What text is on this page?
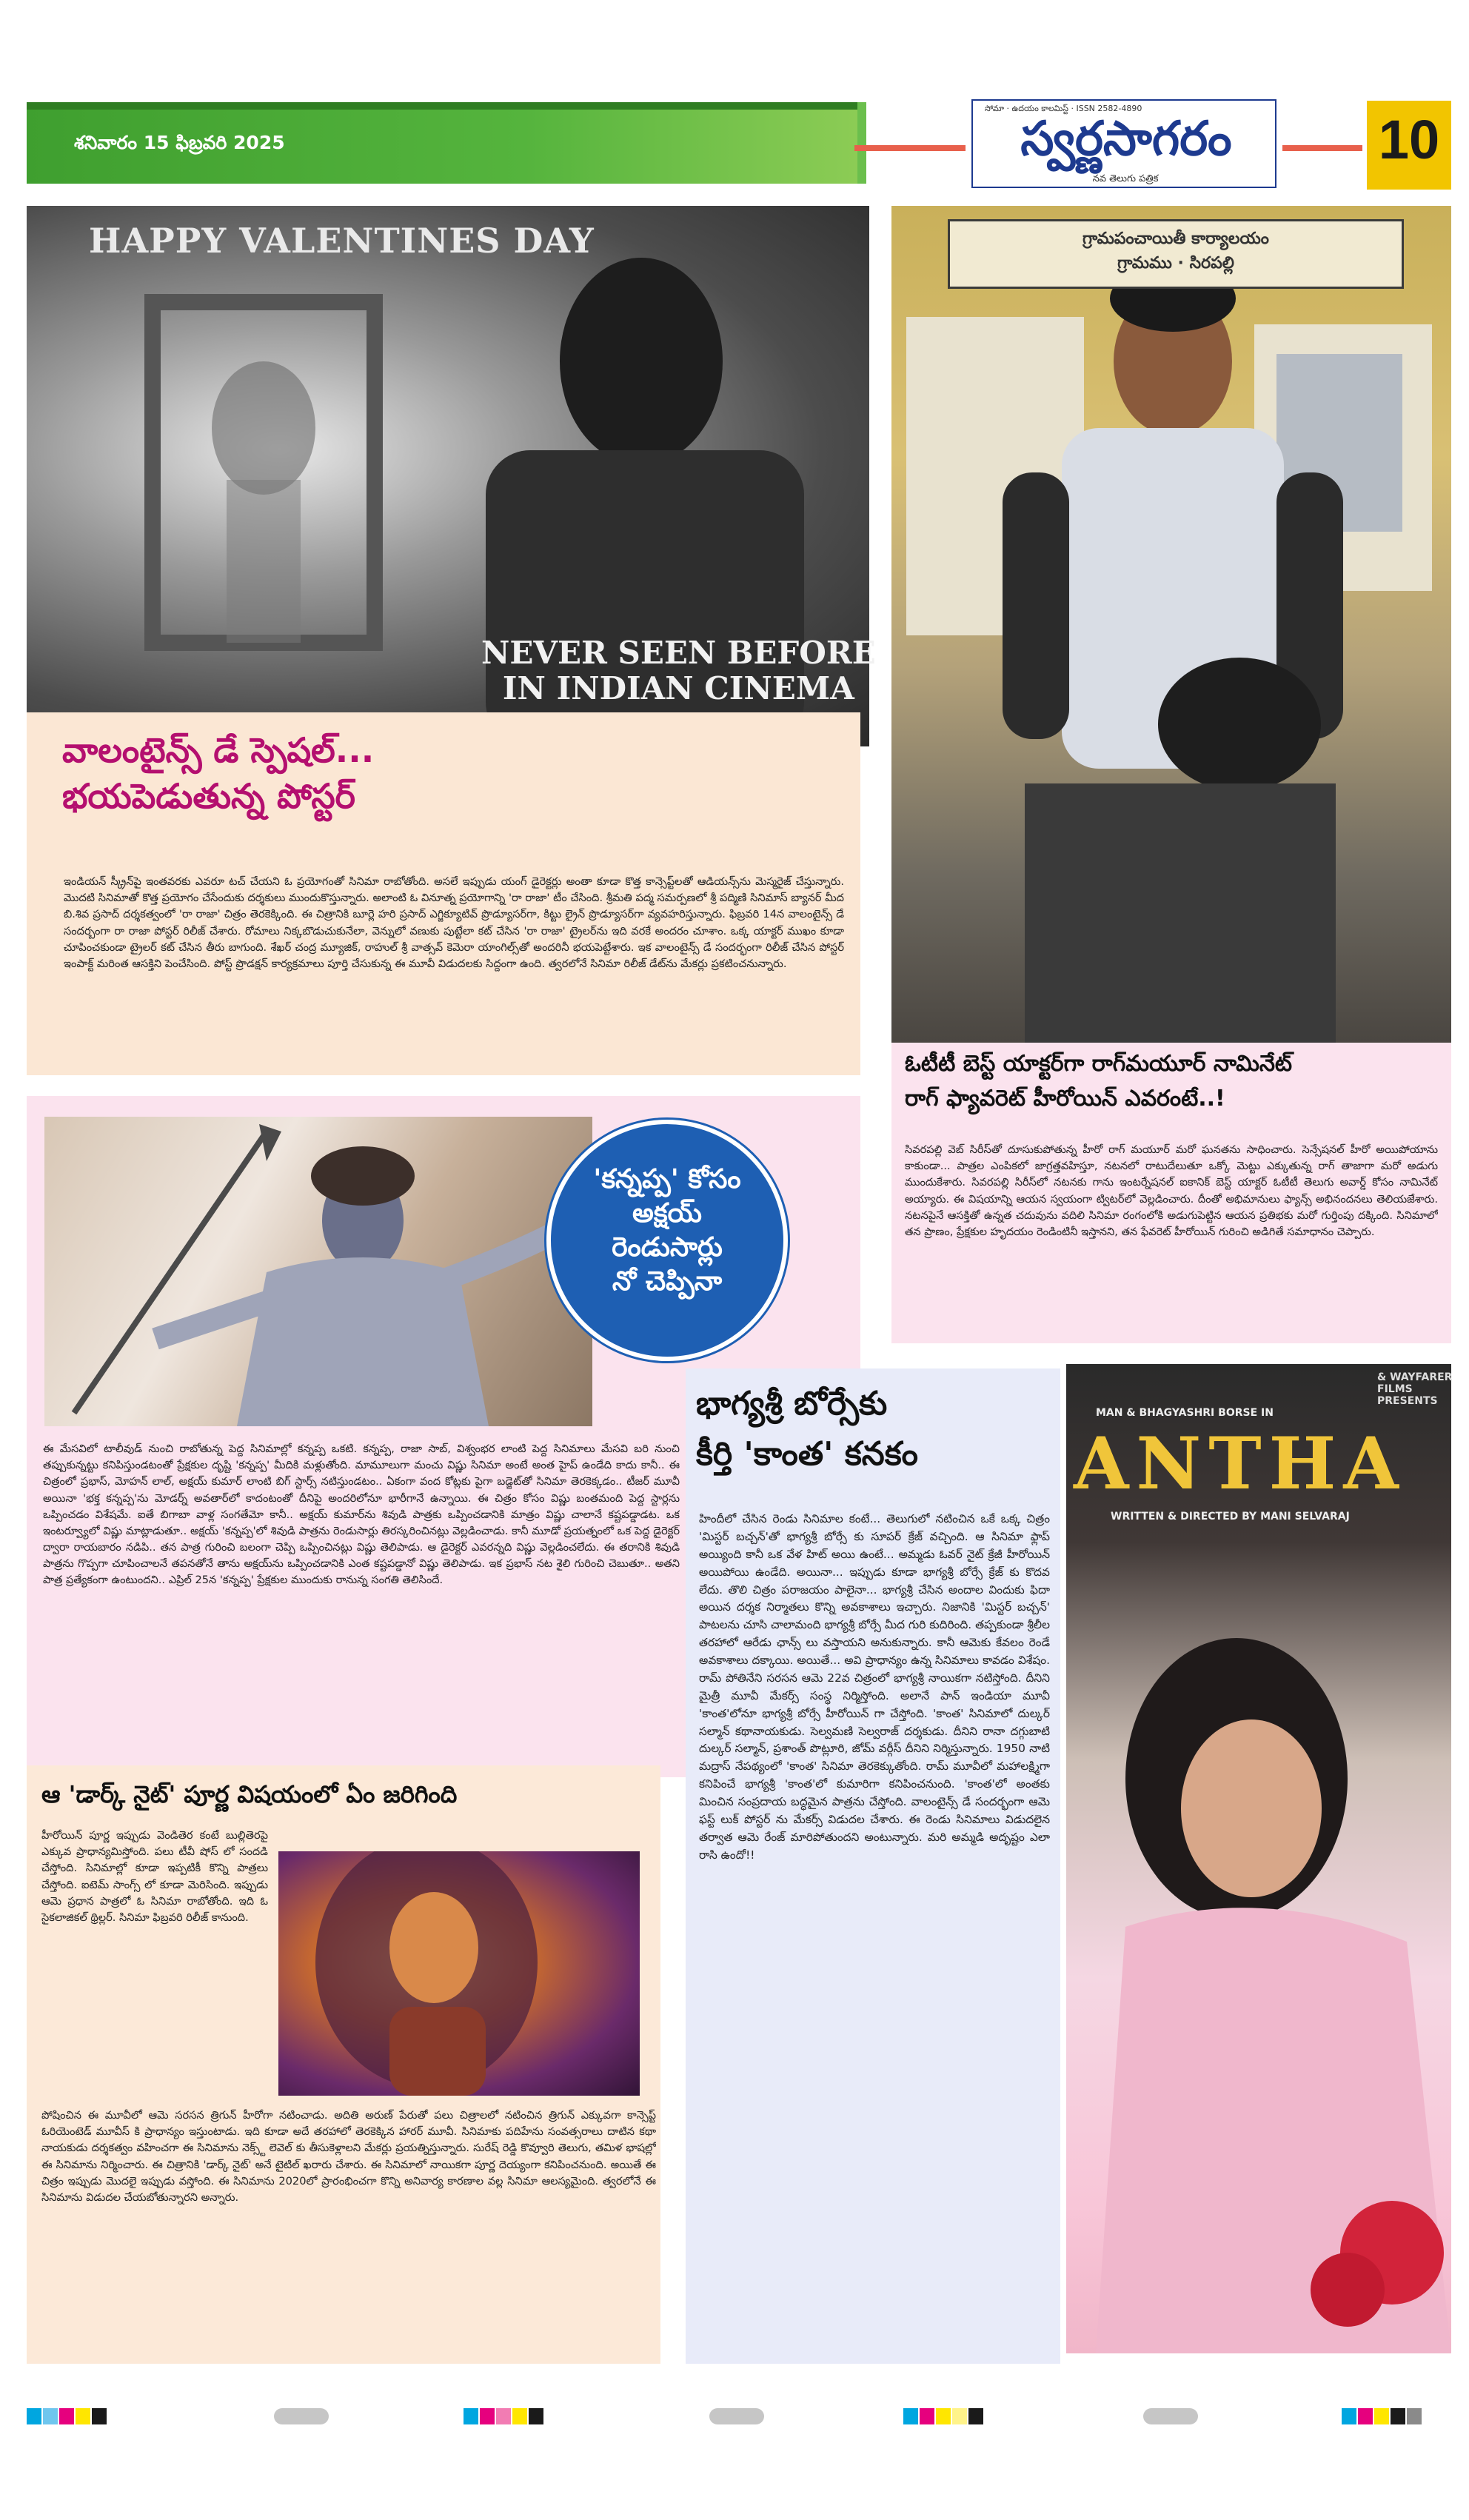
శనివారం 15 ఫిబ్రవరి 2025
సోమా · ఉదయం కాలమిస్ట్ · ISSN 2582-4890
స్వర్ణసాగరం
నవ తెలుగు పత్రిక
10
HAPPY VALENTINES DAY
NEVER SEEN BEFORE
IN INDIAN CINEMA
వాలంటైన్స్ డే స్పెషల్...
భయపెడుతున్న పోస్టర్
ఇండియన్ స్క్రీన్‌పై ఇంతవరకు ఎవరూ టచ్ చేయని ఓ ప్రయోగంతో సినిమా రాబోతోంది. అసలే ఇప్పుడు యంగ్ డైరెక్టర్లు అంతా కూడా కొత్త కాన్సెప్ట్‌లతో ఆడియన్స్‌ను మెస్మరైజ్ చేస్తున్నారు. మొదటి సినిమాతో కొత్త ప్రయోగం చేసేందుకు దర్శకులు ముందుకొస్తున్నారు. అలాంటి ఓ వినూత్న ప్రయోగాన్ని 'రా రాజా' టీం చేసింది. శ్రీమతి పద్మ సమర్పణలో శ్రీ పద్మిణి సినిమాస్ బ్యానర్ మీద బి.శివ ప్రసాద్ దర్శకత్వంలో 'రా రాజా' చిత్రం తెరకెక్కింది. ఈ చిత్రానికి బూర్లె హరి ప్రసాద్ ఎగ్జిక్యూటివ్ ప్రొడ్యూసర్‌గా, కిట్టు ల్రైన్ ప్రొడ్యూసర్‌గా వ్యవహరిస్తున్నారు. ఫిబ్రవరి 14న వాలంటైన్స్ డే సందర్బంగా రా రాజా పోస్టర్ రిలీజ్ చేశారు. రోమాలు నిక్కబొడుచుకునేలా, వెన్నులో వణుకు పుట్టేలా కట్ చేసిన 'రా రాజా' ట్రైలర్‌ను ఇది వరకే అందరం చూశాం. ఒక్క యాక్టర్ ముఖం కూడా చూపించకుండా ట్రైలర్ కట్ చేసిన తీరు బాగుంది. శేఖర్ చంద్ర మ్యూజిక్, రాహుల్ శ్రీ వాత్సవ్ కెమెరా యాంగిల్స్‌తో అందరినీ భయపెట్టేశారు. ఇక వాలంటైన్స్ డే సందర్భంగా రిలీజ్ చేసిన పోస్టర్ ఇంపాక్ట్ మరింత ఆసక్తిని పెంచేసింది. పోస్ట్ ప్రొడక్షన్ కార్యక్రమాలు పూర్తి చేసుకున్న ఈ మూవీ విడుదలకు సిద్దంగా ఉంది. త్వరలోనే సినిమా రిలీజ్ డేట్‌ను మేకర్లు ప్రకటించనున్నారు.
గ్రామపంచాయితీ కార్యాలయం
గ్రామము · సిరపల్లి
ఓటీటీ బెస్ట్ యాక్టర్‌గా రాగ్‌మయూర్ నామినేట్
రాగ్ ఫ్యావరెట్ హీరోయిన్ ఎవరంటే..!
సివరపల్లి వెబ్ సిరీస్‌తో దూసుకుపోతున్న హీరో రాగ్ మయూర్ మరో ఘనతను సాధించారు. సెన్సేషనల్ హీరో అయిపోయాను కాకుండా... పాత్రల ఎంపికలో జాగ్రత్తవహిస్తూ, నటనలో రాటుదేలుతూ ఒక్కో మెట్టు ఎక్కుతున్న రాగ్ తాజాగా మరో అడుగు ముందుకేశారు. సివరపల్లి సిరీస్‌లో నటనకు గాను ఇంటర్నేషనల్ ఐకానిక్ బెస్ట్ యాక్టర్ ఓటీటీ తెలుగు అవార్డ్ కోసం నామినేట్ అయ్యారు. ఈ విషయాన్ని ఆయన స్వయంగా ట్విటర్‌లో వెల్లడించారు. దీంతో అభిమానులు ఫ్యాన్స్ అభినందనలు తెలియజేశారు. నటనపైనే ఆసక్తితో ఉన్నత చదువును వదిలి సినిమా రంగంలోకి అడుగుపెట్టిన ఆయన ప్రతిభకు మరో గుర్తింపు దక్కింది. సినిమాలో తన ప్రాణం, ప్రేక్షకుల హృదయం రెండింటినీ ఇస్తానని, తన ఫేవరెట్ హీరోయిన్ గురించి అడిగితే సమాధానం చెప్పారు.
'కన్నప్ప' కోసం
అక్షయ్
రెండుసార్లు
నో చెప్పినా
ఈ మేసవిలో టాలీవుడ్ నుంచి రాబోతున్న పెద్ద సినిమాల్లో కన్నప్ప ఒకటి. కన్నప్ప, రాజా సాబ్, విశ్వంభర లాంటి పెద్ద సినిమాలు మేసవి బరి నుంచి తప్పుకున్నట్టు కనిపిస్తుండటంతో ప్రేక్షకుల దృష్టి 'కన్నప్ప' మీదికి మళ్లుతోంది. మామూలుగా మంచు విష్ణు సినిమా అంటే అంత హైప్ ఉండేది కాదు కానీ.. ఈ చిత్రంలో ప్రభాస్, మోహన్ లాల్, అక్షయ్ కుమార్ లాంటి బిగ్ స్టార్స్ నటిస్తుండటం.. ఏకంగా వంద కోట్లకు పైగా బడ్జెట్‌తో సినిమా తెరకెక్కడం.. టీజర్ మూవీ అయినా 'భక్త కన్నప్ప'ను మోడర్న్ అవతార్‌లో కాదంటంతో దీనిపై అందరిలోనూ భారీగానే ఉన్నాయి. ఈ చిత్రం కోసం విష్ణు బంతమంది పెద్ద స్టార్లను ఒప్పించడం విశేషమే. ఐతే బిగాబా వాళ్ల సంగతేమో కానీ.. అక్షయ్ కుమార్‌ను శివుడి పాత్రకు ఒప్పించడానికి మాత్రం విష్ణు చాలానే కష్టపడ్డాడట. ఒక ఇంటర్వ్యూలో విష్ణు మాట్లాడుతూ.. అక్షయ్ 'కన్నప్ప'లో శివుడి పాత్రను రెండుసార్లు తిరస్కరించినట్లు వెల్లడించాడు. కానీ మూడో ప్రయత్నంలో ఒక పెద్ద డైరెక్టర్ ద్వారా రాయబారం నడిపి.. తన పాత్ర గురించి బలంగా చెప్పి ఒప్పించినట్లు విష్ణు తెలిపాడు. ఆ డైరెక్టర్ ఎవరన్నది విష్ణు వెల్లడించలేదు. ఈ తరానికి శివుడి పాత్రను గొప్పగా చూపించాలనే తపనతోనే తాను అక్షయ్‌ను ఒప్పించడానికి ఎంత కష్టపడ్డానో విష్ణు తెలిపాడు. ఇక ప్రభాస్ నట శైలి గురించి చెబుతూ.. అతని పాత్ర ప్రత్యేకంగా ఉంటుందని.. ఎప్రిల్ 25న 'కన్నప్ప' ప్రేక్షకుల ముందుకు రానున్న సంగతి తెలిసిందే.
ఆ 'డార్క్ నైట్' పూర్ణ విషయంలో ఏం జరిగింది
హీరోయిన్ పూర్ణ ఇప్పుడు వెండితెర కంటే బుల్లితెరపై ఎక్కువ ప్రాధాన్యమిస్తోంది. పలు టీవీ షోస్ లో సందడి చేస్తోంది. సినిమాల్లో కూడా ఇప్పటికీ కొన్ని పాత్రలు చేస్తోంది. ఐటెమ్ సాంగ్స్ లో కూడా మెరిసింది. ఇప్పుడు ఆమె ప్రధాన పాత్రలో ఓ సినిమా రాబోతోంది. ఇది ఓ సైకలాజికల్ థ్రిల్లర్. సినిమా ఫిబ్రవరి రిలీజ్ కానుంది.
పోషించిన ఈ మూవీలో ఆమె సరసన త్రిగున్ హీరోగా నటించాడు. అదితి అరుణ్ పేరుతో పలు చిత్రాలలో నటించిన త్రిగున్ ఎక్కువగా కాన్సెప్ట్ ఓరియెంటెడ్ మూవీస్ కి ప్రాధాన్యం ఇస్తుంటాడు. ఇది కూడా అదే తరహాలో తెరకెక్కిన హారర్ మూవీ. సినిమాకు పదిహేను సంవత్సరాలు దాటిన కథా నాయకుడు దర్శకత్వం వహించగా ఈ సినిమాను నెక్స్ట్ లెవెల్ కు తీసుకెళ్లాలని మేకర్లు ప్రయత్నిస్తున్నారు. సురేష్ రెడ్డి కొవ్వూరి తెలుగు, తమిళ భాషల్లో ఈ సినిమాను నిర్మించారు. ఈ చిత్రానికి 'డార్క్ నైట్' అనే టైటిల్ ఖరారు చేశారు. ఈ సినిమాలో నాయికగా పూర్ణ దెయ్యంగా కనిపించనుంది. అయితే ఈ చిత్రం ఇప్పుడు మొదలై ఇప్పుడు వస్తోంది. ఈ సినిమాను 2020లో ప్రారంభించగా కొన్ని అనివార్య కారణాల వల్ల సినిమా ఆలస్యమైంది. త్వరలోనే ఈ సినిమాను విడుదల చేయబోతున్నారని అన్నారు.
భాగ్యశ్రీ బోర్సేకు
కీర్తి 'కాంత' కనకం
హిందీలో చేసిన రెండు సినిమాల కంటే... తెలుగులో నటించిన ఒకే ఒక్క చిత్రం 'మిస్టర్ బచ్చన్'తో భాగ్యశ్రీ బోర్సే కు సూపర్ క్రేజ్ వచ్చింది. ఆ సినిమా ఫ్లాప్ అయ్యింది కానీ ఒక వేళ హిట్ అయి ఉంటే... అమ్మడు ఓవర్ నైట్ క్రేజీ హీరోయిన్ అయిపోయి ఉండేది. అయినా... ఇప్పుడు కూడా భాగ్యశ్రీ బోర్సే క్రేజ్ కు కొదవ లేదు. తొలి చిత్రం పరాజయం పాలైనా... భాగ్యశ్రీ చేసిన అందాల విందుకు ఫిదా అయిన దర్శక నిర్మాతలు కొన్ని అవకాశాలు ఇచ్చారు. నిజానికి 'మిస్టర్ బచ్చన్' పాటలను చూసి చాలామంది భాగ్యశ్రీ బోర్సే మీద గురి కుదిరింది. తప్పకుండా శ్రీలీల తరహాలో ఆరేడు ఛాన్స్ లు వస్తాయని అనుకున్నారు. కానీ ఆమెకు కేవలం రెండే అవకాశాలు దక్కాయి. అయితే... అవి ప్రాధాన్యం ఉన్న సినిమాలు కావడం విశేషం. రామ్ పోతినేని సరసన ఆమె 22వ చిత్రంలో భాగ్యశ్రీ నాయికగా నటిస్తోంది. దీనిని మైత్రీ మూవీ మేకర్స్ సంస్థ నిర్మిస్తోంది. అలానే పాన్ ఇండియా మూవీ 'కాంత'లోనూ భాగ్యశ్రీ బోర్సే హీరోయిన్ గా చేస్తోంది. 'కాంత' సినిమాలో దుల్కర్ సల్మాన్ కథానాయకుడు. సెల్వమణి సెల్వరాజ్ దర్శకుడు. దీనిని రానా దగ్గుబాటి దుల్కర్ సల్మాన్, ప్రశాంత్ పొట్లూరి, జోమ్ వర్గీస్ దీనిని నిర్మిస్తున్నారు. 1950 నాటి మద్రాస్ నేపథ్యంలో 'కాంత' సినిమా తెరకెక్కుతోంది. రామ్ మూవీలో మహాలక్ష్మిగా కనిపించే భాగ్యశ్రీ 'కాంత'లో కుమారిగా కనిపించనుంది. 'కాంత'లో అంతకు మించిన సంప్రదాయ బద్ధమైన పాత్రను చేస్తోంది. వాలంటైన్స్ డే సందర్భంగా ఆమె ఫస్ట్ లుక్ పోస్టర్ ను మేకర్స్ విడుదల చేశారు. ఈ రెండు సినిమాలు విడుదలైన తర్వాత ఆమె రేంజ్ మారిపోతుందని అంటున్నారు. మరి అమ్మడి అదృష్టం ఎలా రాసి ఉందో!!
& WAYFARER FILMS PRESENTS
MAN & BHAGYASHRI BORSE IN
ANTHA
WRITTEN & DIRECTED BY MANI SELVARAJ
